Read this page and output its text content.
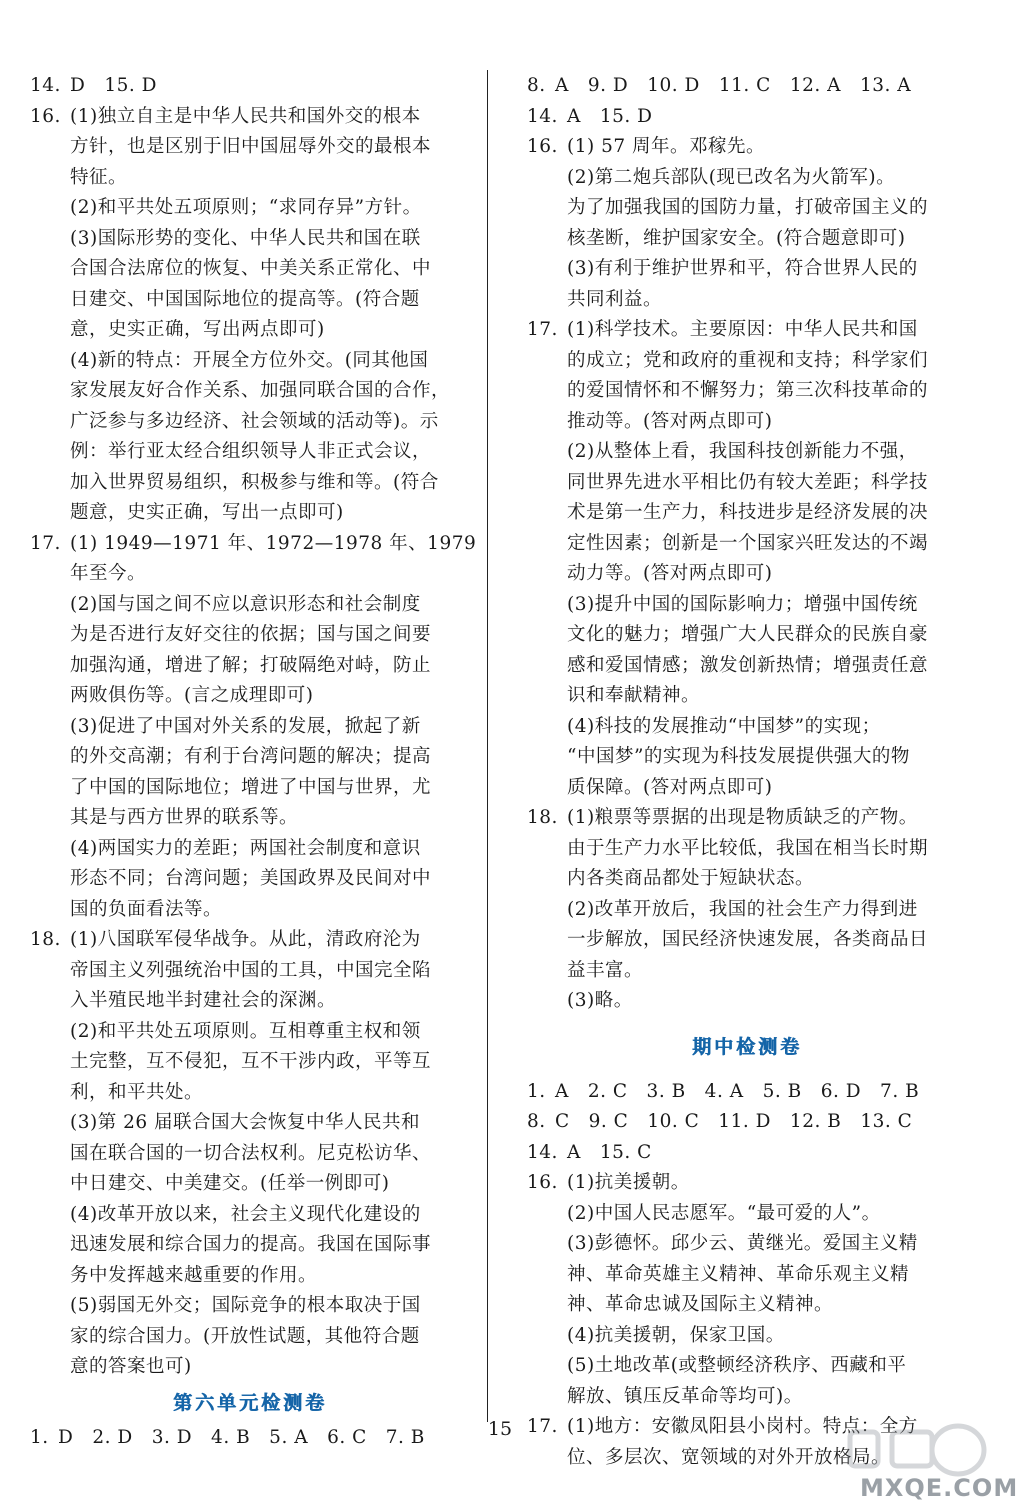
14. D　15. D
16. (1)独立自主是中华人民共和国外交的根本
方针，也是区别于旧中国屈辱外交的最根本
特征。
(2)和平共处五项原则；“求同存异”方针。
(3)国际形势的变化、中华人民共和国在联
合国合法席位的恢复、中美关系正常化、中
日建交、中国国际地位的提高等。(符合题
意，史实正确，写出两点即可)
(4)新的特点：开展全方位外交。(同其他国
家发展友好合作关系、加强同联合国的合作，
广泛参与多边经济、社会领域的活动等)。示
例：举行亚太经合组织领导人非正式会议，
加入世界贸易组织，积极参与维和等。(符合
题意，史实正确，写出一点即可)
17. (1) 1949—1971 年、1972—1978 年、1979
年至今。
(2)国与国之间不应以意识形态和社会制度
为是否进行友好交往的依据；国与国之间要
加强沟通，增进了解；打破隔绝对峙，防止
两败俱伤等。(言之成理即可)
(3)促进了中国对外关系的发展，掀起了新
的外交高潮；有利于台湾问题的解决；提高
了中国的国际地位；增进了中国与世界，尤
其是与西方世界的联系等。
(4)两国实力的差距；两国社会制度和意识
形态不同；台湾问题；美国政界及民间对中
国的负面看法等。
18. (1)八国联军侵华战争。从此，清政府沦为
帝国主义列强统治中国的工具，中国完全陷
入半殖民地半封建社会的深渊。
(2)和平共处五项原则。互相尊重主权和领
土完整，互不侵犯，互不干涉内政，平等互
利，和平共处。
(3)第 26 届联合国大会恢复中华人民共和
国在联合国的一切合法权利。尼克松访华、
中日建交、中美建交。(任举一例即可)
(4)改革开放以来，社会主义现代化建设的
迅速发展和综合国力的提高。我国在国际事
务中发挥越来越重要的作用。
(5)弱国无外交；国际竞争的根本取决于国
家的综合国力。(开放性试题，其他符合题
意的答案也可)
第六单元检测卷
1. D　2. D　3. D　4. B　5. A　6. C　7. B
8. A　9. D　10. D　11. C　12. A　13. A
14. A　15. D
16. (1) 57 周年。邓稼先。
(2)第二炮兵部队(现已改名为火箭军)。
为了加强我国的国防力量，打破帝国主义的
核垄断，维护国家安全。(符合题意即可)
(3)有利于维护世界和平，符合世界人民的
共同利益。
17. (1)科学技术。主要原因：中华人民共和国
的成立；党和政府的重视和支持；科学家们
的爱国情怀和不懈努力；第三次科技革命的
推动等。(答对两点即可)
(2)从整体上看，我国科技创新能力不强，
同世界先进水平相比仍有较大差距；科学技
术是第一生产力，科技进步是经济发展的决
定性因素；创新是一个国家兴旺发达的不竭
动力等。(答对两点即可)
(3)提升中国的国际影响力；增强中国传统
文化的魅力；增强广大人民群众的民族自豪
感和爱国情感；激发创新热情；增强责任意
识和奉献精神。
(4)科技的发展推动“中国梦”的实现；
“中国梦”的实现为科技发展提供强大的物
质保障。(答对两点即可)
18. (1)粮票等票据的出现是物质缺乏的产物。
由于生产力水平比较低，我国在相当长时期
内各类商品都处于短缺状态。
(2)改革开放后，我国的社会生产力得到进
一步解放，国民经济快速发展，各类商品日
益丰富。
(3)略。
期中检测卷
1. A　2. C　3. B　4. A　5. B　6. D　7. B
8. C　9. C　10. C　11. D　12. B　13. C
14. A　15. C
16. (1)抗美援朝。
(2)中国人民志愿军。“最可爱的人”。
(3)彭德怀。邱少云、黄继光。爱国主义精
神、革命英雄主义精神、革命乐观主义精
神、革命忠诚及国际主义精神。
(4)抗美援朝，保家卫国。
(5)土地改革(或整顿经济秩序、西藏和平
解放、镇压反革命等均可)。
17. (1)地方：安徽凤阳县小岗村。特点：全方
位、多层次、宽领域的对外开放格局。
15
MXQE.COM
